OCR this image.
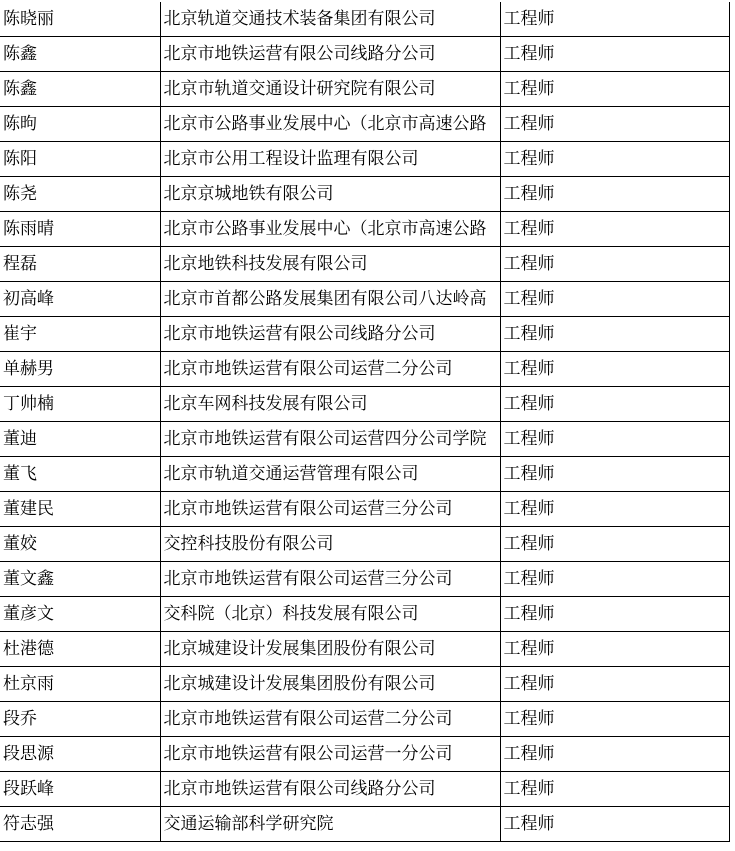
陈晓丽	北京轨道交通技术装备集团有限公司	工程师
陈鑫	北京市地铁运营有限公司线路分公司	工程师
陈鑫	北京市轨道交通设计研究院有限公司	工程师
陈昫	北京市公路事业发展中心（北京市高速公路	工程师
陈阳	北京市公用工程设计监理有限公司	工程师
陈尧	北京京城地铁有限公司	工程师
陈雨晴	北京市公路事业发展中心（北京市高速公路	工程师
程磊	北京地铁科技发展有限公司	工程师
初高峰	北京市首都公路发展集团有限公司八达岭高	工程师
崔宇	北京市地铁运营有限公司线路分公司	工程师
单赫男	北京市地铁运营有限公司运营二分公司	工程师
丁帅楠	北京车网科技发展有限公司	工程师
董迪	北京市地铁运营有限公司运营四分公司学院	工程师
董飞	北京市轨道交通运营管理有限公司	工程师
董建民	北京市地铁运营有限公司运营三分公司	工程师
董姣	交控科技股份有限公司	工程师
董文鑫	北京市地铁运营有限公司运营三分公司	工程师
董彦文	交科院（北京）科技发展有限公司	工程师
杜港德	北京城建设计发展集团股份有限公司	工程师
杜京雨	北京城建设计发展集团股份有限公司	工程师
段乔	北京市地铁运营有限公司运营二分公司	工程师
段思源	北京市地铁运营有限公司运营一分公司	工程师
段跃峰	北京市地铁运营有限公司线路分公司	工程师
符志强	交通运输部科学研究院	工程师
